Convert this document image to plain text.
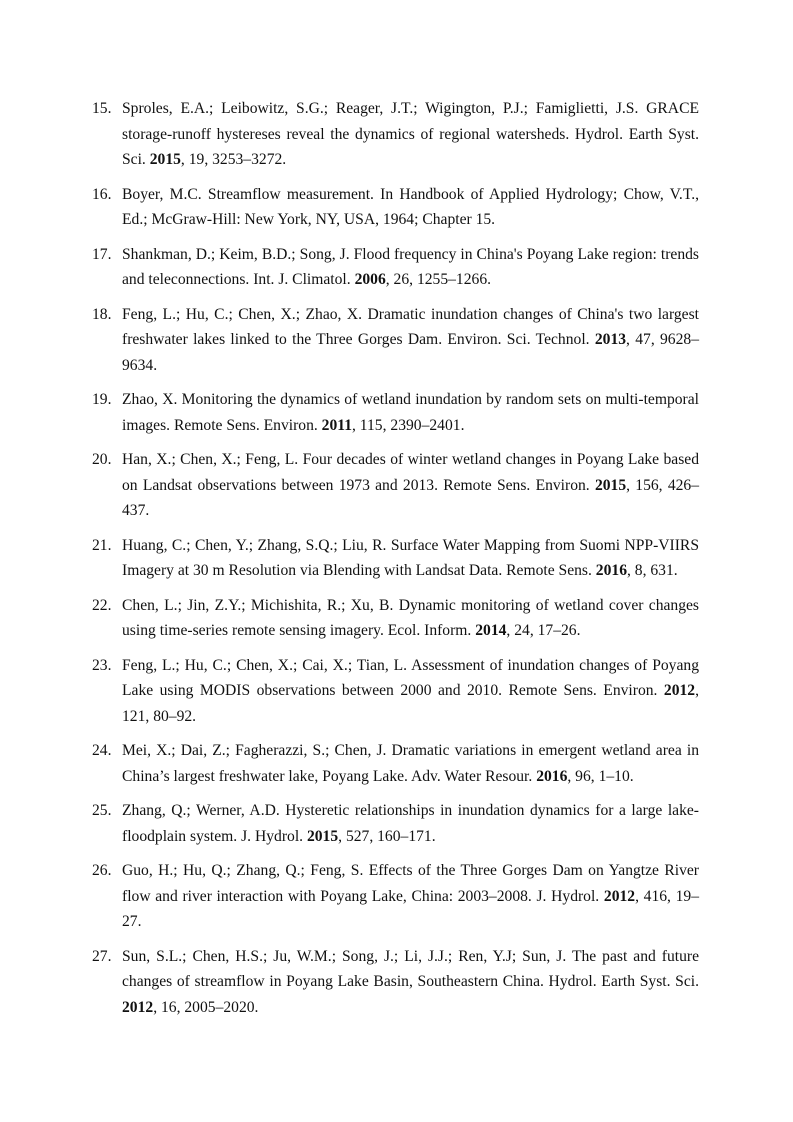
15. Sproles, E.A.; Leibowitz, S.G.; Reager, J.T.; Wigington, P.J.; Famiglietti, J.S. GRACE storage-runoff hystereses reveal the dynamics of regional watersheds. Hydrol. Earth Syst. Sci. 2015, 19, 3253–3272.
16. Boyer, M.C. Streamflow measurement. In Handbook of Applied Hydrology; Chow, V.T., Ed.; McGraw-Hill: New York, NY, USA, 1964; Chapter 15.
17. Shankman, D.; Keim, B.D.; Song, J. Flood frequency in China's Poyang Lake region: trends and teleconnections. Int. J. Climatol. 2006, 26, 1255–1266.
18. Feng, L.; Hu, C.; Chen, X.; Zhao, X. Dramatic inundation changes of China's two largest freshwater lakes linked to the Three Gorges Dam. Environ. Sci. Technol. 2013, 47, 9628–9634.
19. Zhao, X. Monitoring the dynamics of wetland inundation by random sets on multi-temporal images. Remote Sens. Environ. 2011, 115, 2390–2401.
20. Han, X.; Chen, X.; Feng, L. Four decades of winter wetland changes in Poyang Lake based on Landsat observations between 1973 and 2013. Remote Sens. Environ. 2015, 156, 426–437.
21. Huang, C.; Chen, Y.; Zhang, S.Q.; Liu, R. Surface Water Mapping from Suomi NPP-VIIRS Imagery at 30 m Resolution via Blending with Landsat Data. Remote Sens. 2016, 8, 631.
22. Chen, L.; Jin, Z.Y.; Michishita, R.; Xu, B. Dynamic monitoring of wetland cover changes using time-series remote sensing imagery. Ecol. Inform. 2014, 24, 17–26.
23. Feng, L.; Hu, C.; Chen, X.; Cai, X.; Tian, L. Assessment of inundation changes of Poyang Lake using MODIS observations between 2000 and 2010. Remote Sens. Environ. 2012, 121, 80–92.
24. Mei, X.; Dai, Z.; Fagherazzi, S.; Chen, J. Dramatic variations in emergent wetland area in China’s largest freshwater lake, Poyang Lake. Adv. Water Resour. 2016, 96, 1–10.
25. Zhang, Q.; Werner, A.D. Hysteretic relationships in inundation dynamics for a large lake-floodplain system. J. Hydrol. 2015, 527, 160–171.
26. Guo, H.; Hu, Q.; Zhang, Q.; Feng, S. Effects of the Three Gorges Dam on Yangtze River flow and river interaction with Poyang Lake, China: 2003–2008. J. Hydrol. 2012, 416, 19–27.
27. Sun, S.L.; Chen, H.S.; Ju, W.M.; Song, J.; Li, J.J.; Ren, Y.J; Sun, J. The past and future changes of streamflow in Poyang Lake Basin, Southeastern China. Hydrol. Earth Syst. Sci. 2012, 16, 2005–2020.
